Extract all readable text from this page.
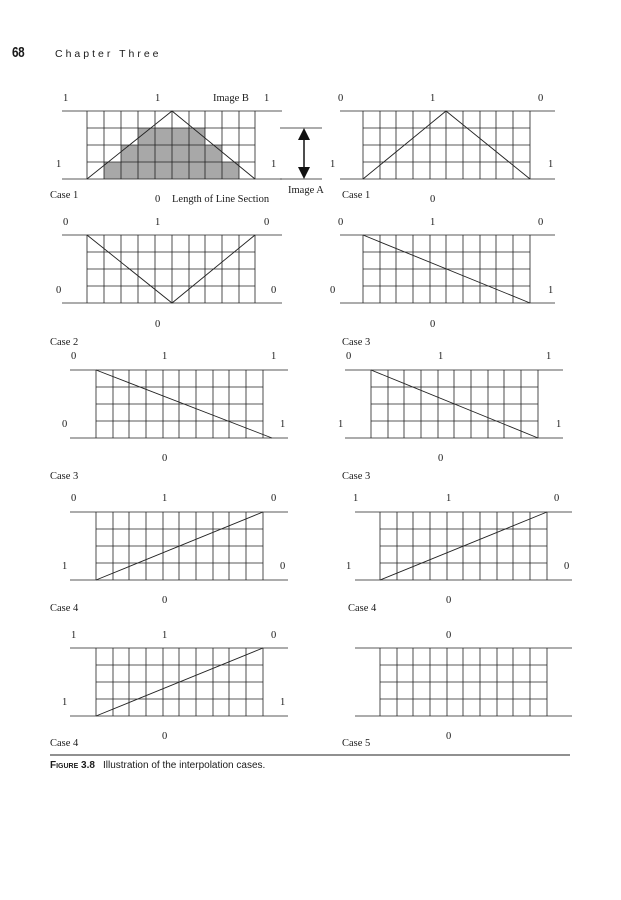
68	Chapter Three
1	1	Image B 1
1	1
Case 1	0 Length of Line Section
Image A
0	1	0
1	1
Case 1	0
0	1	0
0	0
0
Case 2
0	1	0
0	1
0
Case 3
0	1	1
0	1
0
Case 3
0	1	1
1	1
0
Case 3
0	1	0
1	0
0
Case 4
1	1	0
1	0
0
Case 4
1	1	0
1	1
0
Case 4
0
0
Case 5
Figure 3.8 Illustration of the interpolation cases.
